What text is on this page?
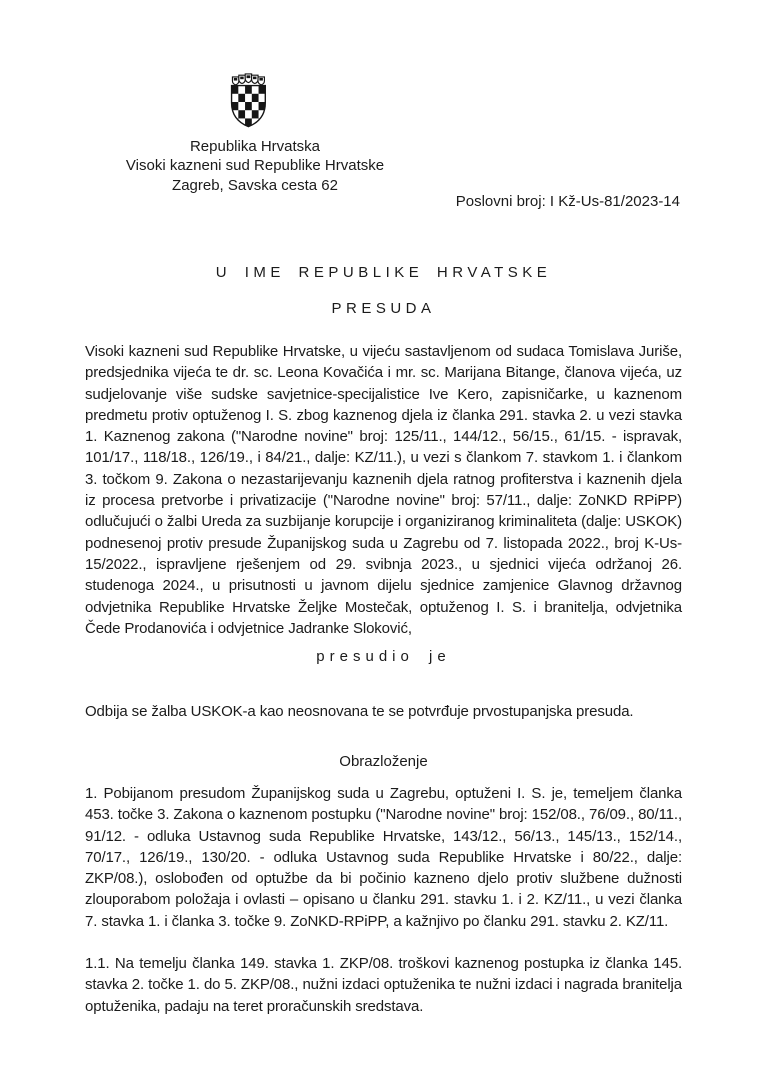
Republika Hrvatska
Visoki kazneni sud Republike Hrvatske
Zagreb, Savska cesta 62
Poslovni broj: I Kž-Us-81/2023-14
U IME REPUBLIKE HRVATSKE
PRESUDA
Visoki kazneni sud Republike Hrvatske, u vijeću sastavljenom od sudaca Tomislava Juriše, predsjednika vijeća te dr. sc. Leona Kovačića i mr. sc. Marijana Bitange, članova vijeća, uz sudjelovanje više sudske savjetnice-specijalistice Ive Kero, zapisničarke, u kaznenom predmetu protiv optuženog I. S. zbog kaznenog djela iz članka 291. stavka 2. u vezi stavka 1. Kaznenog zakona ("Narodne novine" broj: 125/11., 144/12., 56/15., 61/15. - ispravak, 101/17., 118/18., 126/19., i 84/21., dalje: KZ/11.), u vezi s člankom 7. stavkom 1. i člankom 3. točkom 9. Zakona o nezastarijevanju kaznenih djela ratnog profiterstva i kaznenih djela iz procesa pretvorbe i privatizacije ("Narodne novine" broj: 57/11., dalje: ZoNKD RPiPP) odlučujući o žalbi Ureda za suzbijanje korupcije i organiziranog kriminaliteta (dalje: USKOK) podnesenoj protiv presude Županijskog suda u Zagrebu od 7. listopada 2022., broj K-Us-15/2022., ispravljene rješenjem od 29. svibnja 2023., u sjednici vijeća održanoj 26. studenoga 2024., u prisutnosti u javnom dijelu sjednice zamjenice Glavnog državnog odvjetnika Republike Hrvatske Željke Mostečak, optuženog I. S. i branitelja, odvjetnika Čede Prodanovića i odvjetnice Jadranke Sloković,
presudio je
Odbija se žalba USKOK-a kao neosnovana te se potvrđuje prvostupanjska presuda.
Obrazloženje
1. Pobijanom presudom Županijskog suda u Zagrebu, optuženi I. S. je, temeljem članka 453. točke 3. Zakona o kaznenom postupku ("Narodne novine" broj: 152/08., 76/09., 80/11., 91/12. - odluka Ustavnog suda Republike Hrvatske, 143/12., 56/13., 145/13., 152/14., 70/17., 126/19., 130/20. - odluka Ustavnog suda Republike Hrvatske i 80/22., dalje: ZKP/08.), oslobođen od optužbe da bi počinio kazneno djelo protiv službene dužnosti zlouporabom položaja i ovlasti – opisano u članku 291. stavku 1. i 2. KZ/11., u vezi članka 7. stavka 1. i članka 3. točke 9. ZoNKD-RPiPP, a kažnjivo po članku 291. stavku 2. KZ/11.
1.1. Na temelju članka 149. stavka 1. ZKP/08. troškovi kaznenog postupka iz članka 145. stavka 2. točke 1. do 5. ZKP/08., nužni izdaci optuženika te nužni izdaci i nagrada branitelja optuženika, padaju na teret proračunskih sredstava.
